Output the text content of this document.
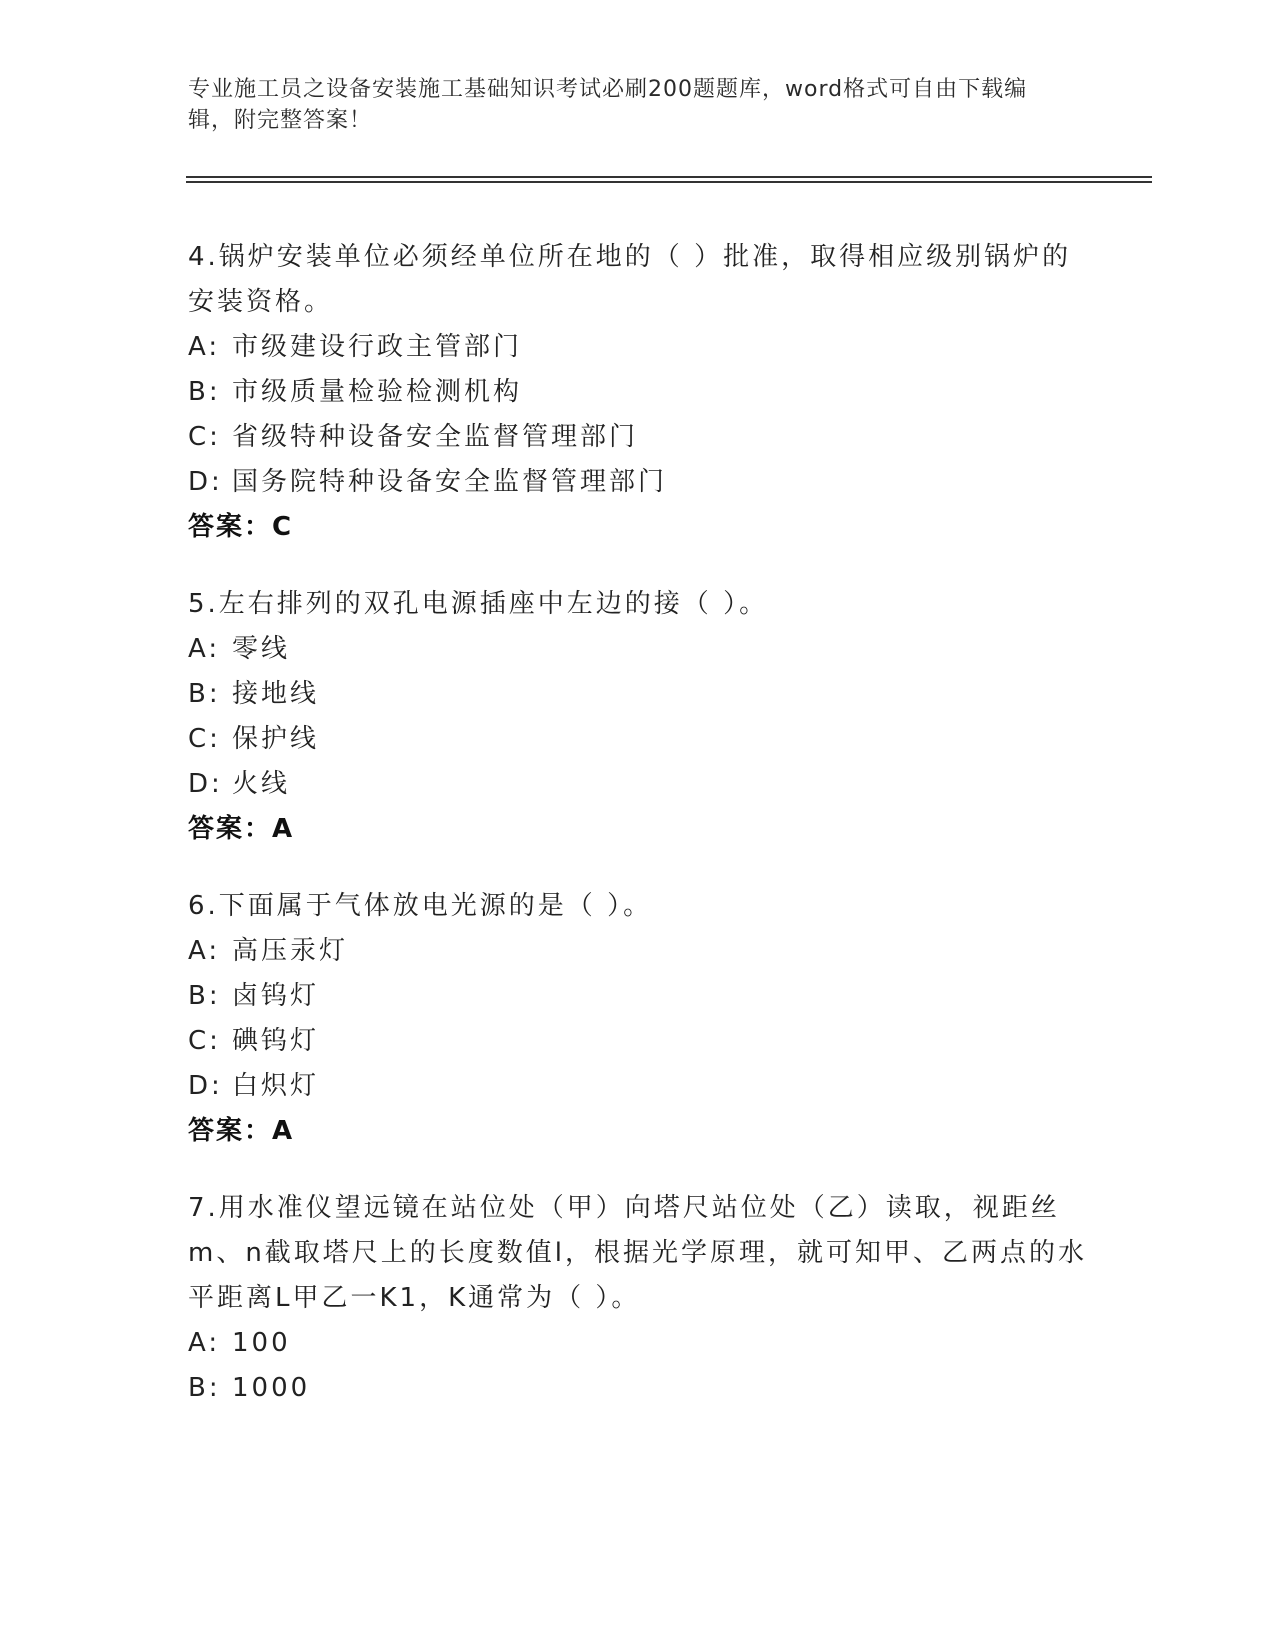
专业施工员之设备安装施工基础知识考试必刷200题题库，word格式可自由下载编辑，附完整答案！

4.锅炉安装单位必须经单位所在地的（ ）批准，取得相应级别锅炉的安装资格。

A: 市级建设行政主管部门
B: 市级质量检验检测机构
C: 省级特种设备安全监督管理部门
D: 国务院特种设备安全监督管理部门
答案：C

5.左右排列的双孔电源插座中左边的接（ ）。

A: 零线
B: 接地线
C: 保护线
D: 火线
答案：A

6.下面属于气体放电光源的是（ ）。

A: 高压汞灯
B: 卤钨灯
C: 碘钨灯
D: 白炽灯
答案：A

7.用水准仪望远镜在站位处（甲）向塔尺站位处（乙）读取，视距丝m、n截取塔尺上的长度数值l，根据光学原理，就可知甲、乙两点的水平距离L甲乙一K1，K通常为（ ）。

A: 100
B: 1000
